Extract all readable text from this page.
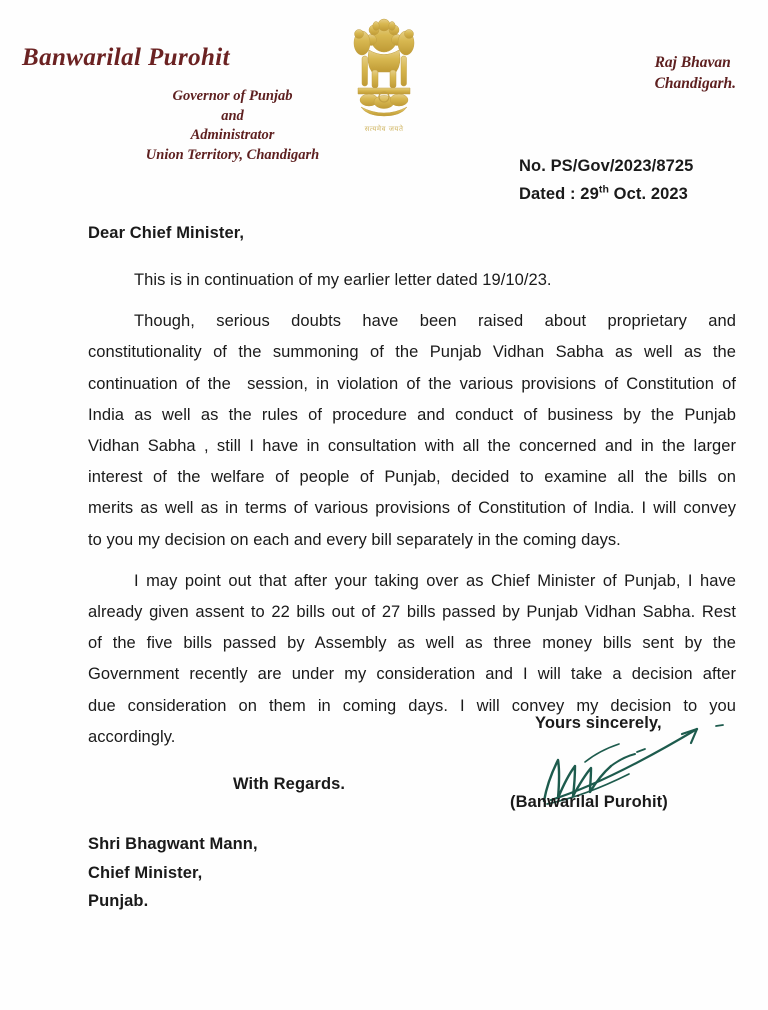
Banwarilal Purohit
Governor of Punjab
and
Administrator
Union Territory, Chandigarh
सत्यमेव जयते
Raj Bhavan
Chandigarh.
No. PS/Gov/2023/8725
Dated : 29th Oct. 2023
Dear Chief Minister,
This is in continuation of my earlier letter dated 19/10/23.
Though, serious doubts have been raised about proprietary and
constitutionality of the summoning of the Punjab Vidhan Sabha as well as the
continuation of the  session, in violation of the various provisions of Constitution of
India as well as the rules of procedure and conduct of business by the Punjab
Vidhan Sabha , still I have in consultation with all the concerned and in the larger
interest of the welfare of people of Punjab, decided to examine all the bills on
merits as well as in terms of various provisions of Constitution of India. I will convey
to you my decision on each and every bill separately in the coming days.
I may point out that after your taking over as Chief Minister of Punjab, I have
already given assent to 22 bills out of 27 bills passed by Punjab Vidhan Sabha. Rest
of the five bills passed by Assembly as well as three money bills sent by the
Government recently are under my consideration and I will take a decision after
due consideration on them in coming days. I will convey my decision to you
accordingly.
With Regards.
Yours sincerely,
(Banwarilal Purohit)
Shri Bhagwant Mann,
Chief Minister,
Punjab.
